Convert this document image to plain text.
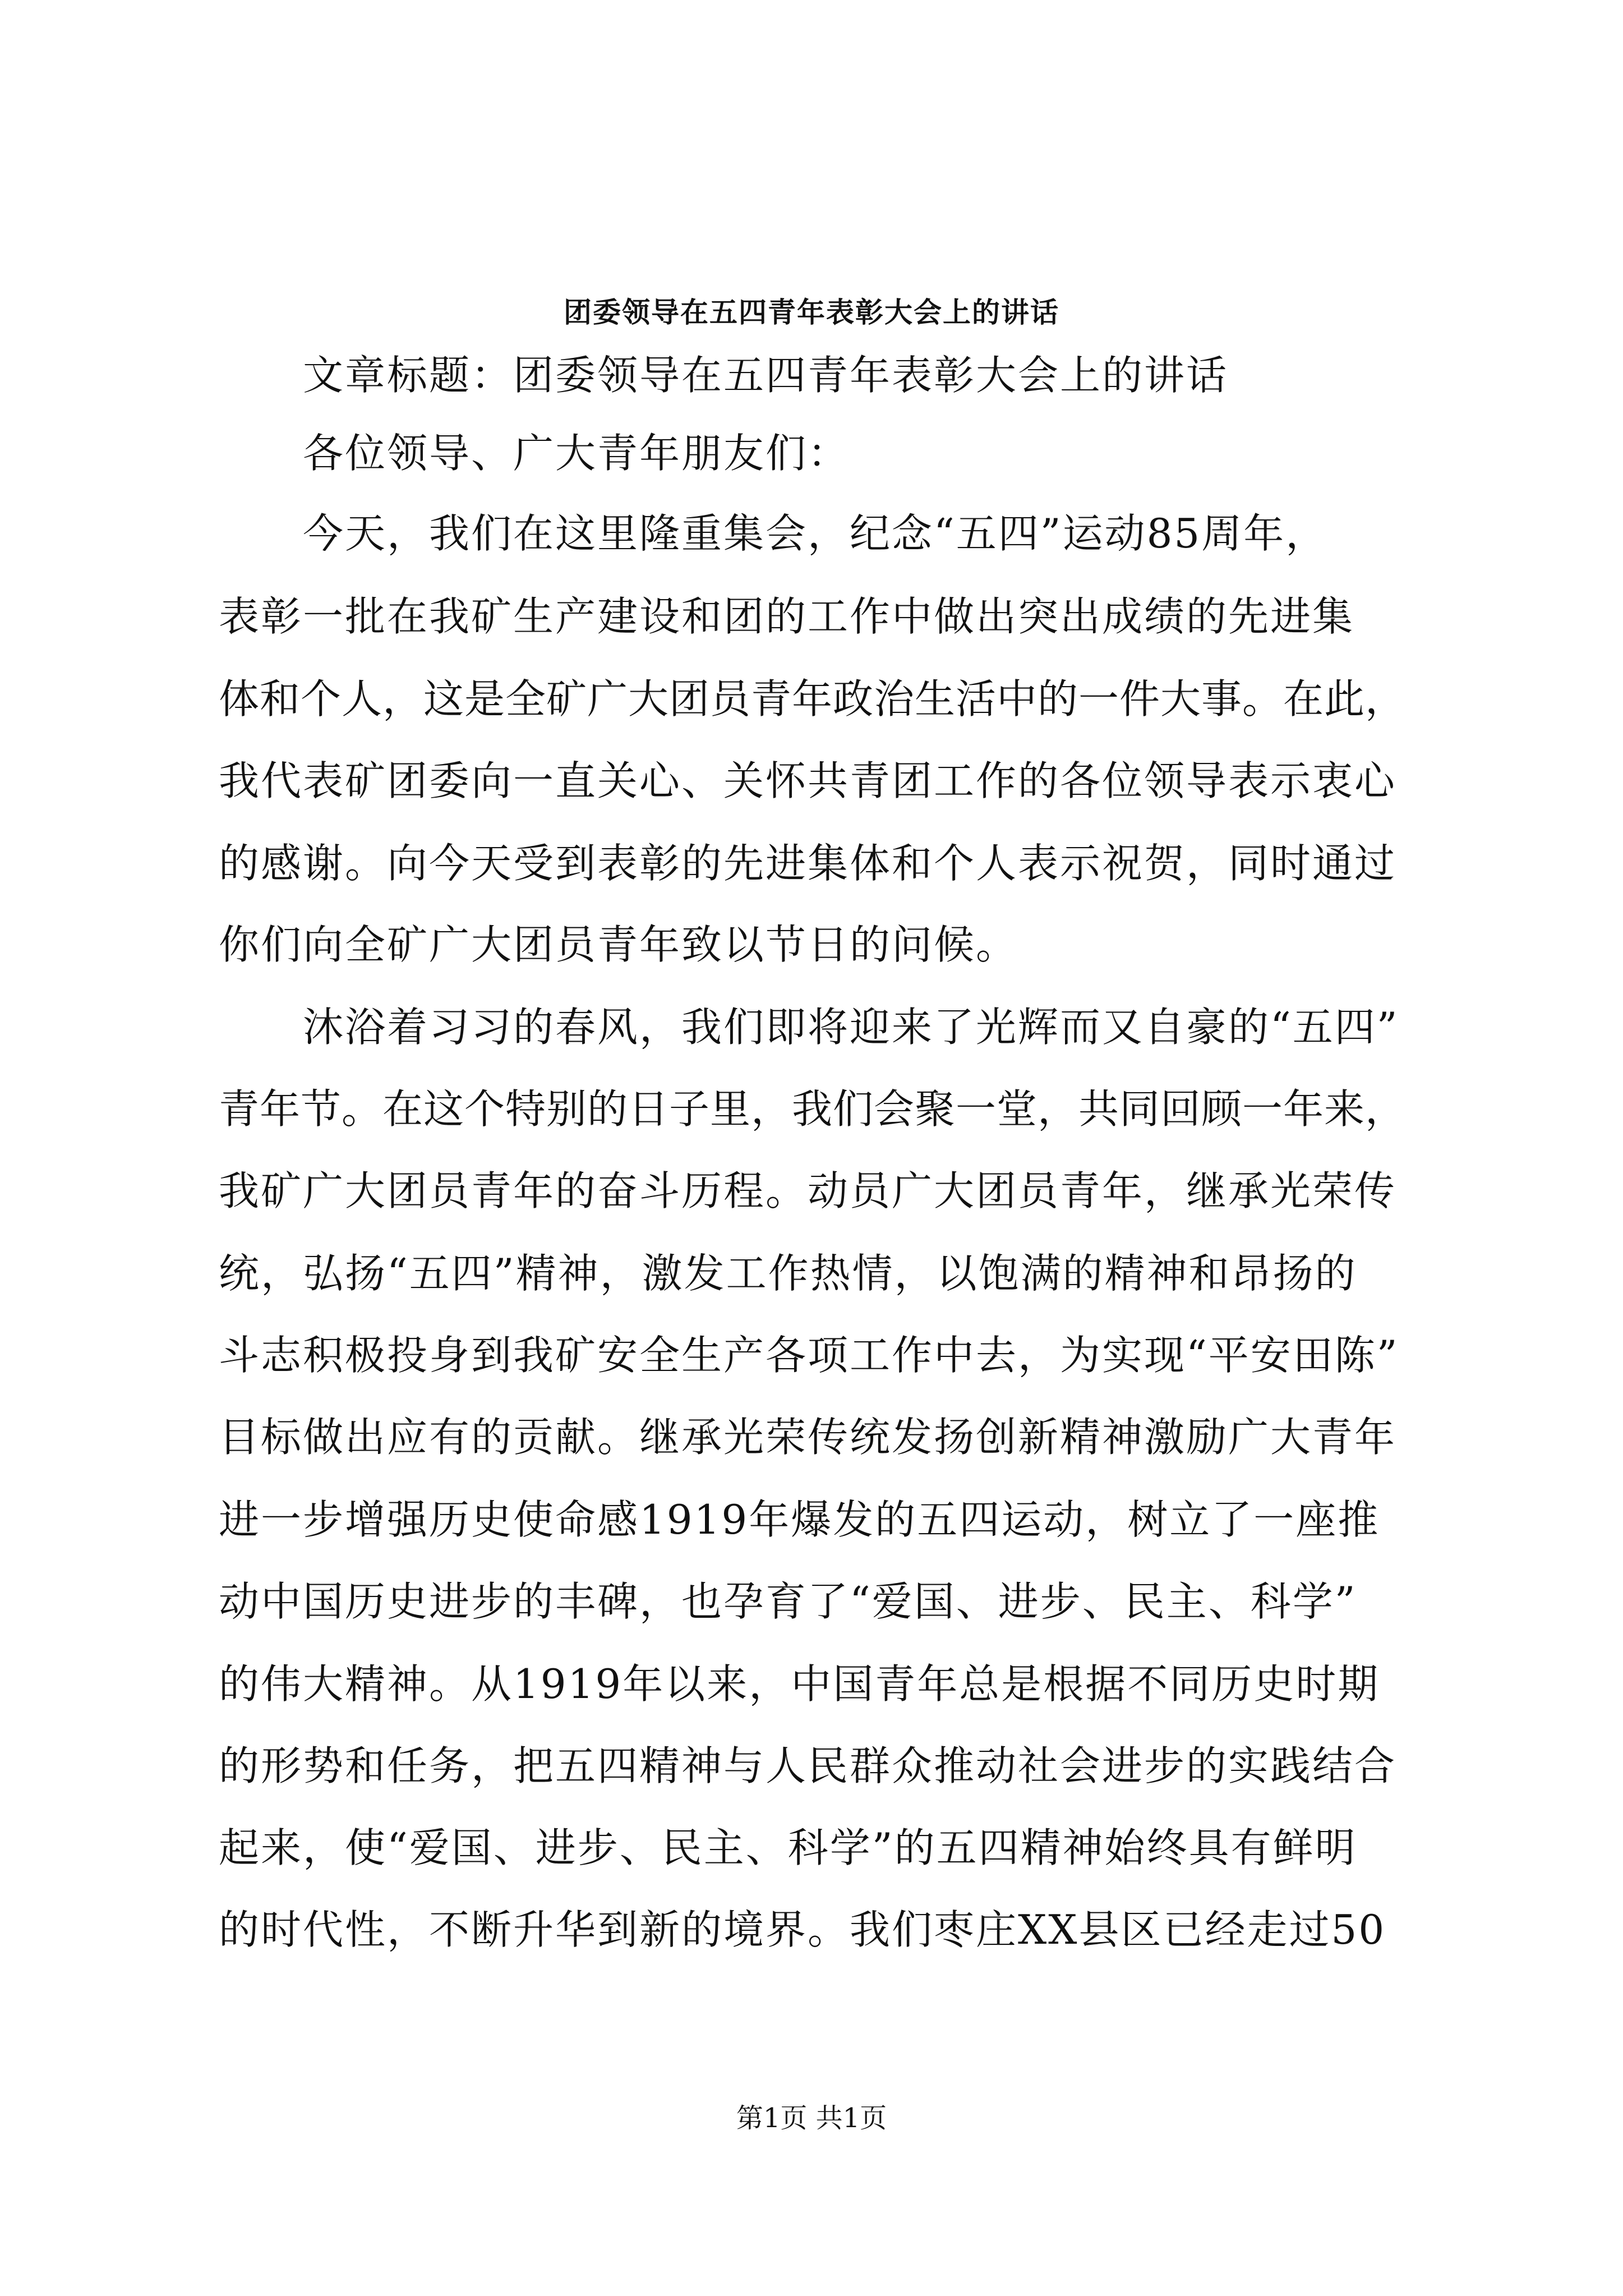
团委领导在五四青年表彰大会上的讲话
文章标题：团委领导在五四青年表彰大会上的讲话
各位领导、广大青年朋友们：
今天，我们在这里隆重集会，纪念“五四”运动85周年，
表彰一批在我矿生产建设和团的工作中做出突出成绩的先进集
体和个人，这是全矿广大团员青年政治生活中的一件大事。在此，
我代表矿团委向一直关心、关怀共青团工作的各位领导表示衷心
的感谢。向今天受到表彰的先进集体和个人表示祝贺，同时通过
你们向全矿广大团员青年致以节日的问候。
沐浴着习习的春风，我们即将迎来了光辉而又自豪的“五四”
青年节。在这个特别的日子里，我们会聚一堂，共同回顾一年来，
我矿广大团员青年的奋斗历程。动员广大团员青年，继承光荣传
统，弘扬“五四”精神，激发工作热情，以饱满的精神和昂扬的
斗志积极投身到我矿安全生产各项工作中去，为实现“平安田陈”
目标做出应有的贡献。继承光荣传统发扬创新精神激励广大青年
进一步增强历史使命感1919年爆发的五四运动，树立了一座推
动中国历史进步的丰碑，也孕育了“爱国、进步、民主、科学”
的伟大精神。从1919年以来，中国青年总是根据不同历史时期
的形势和任务，把五四精神与人民群众推动社会进步的实践结合
起来，使“爱国、进步、民主、科学”的五四精神始终具有鲜明
的时代性，不断升华到新的境界。我们枣庄XX县区已经走过50
第1页 共1页
